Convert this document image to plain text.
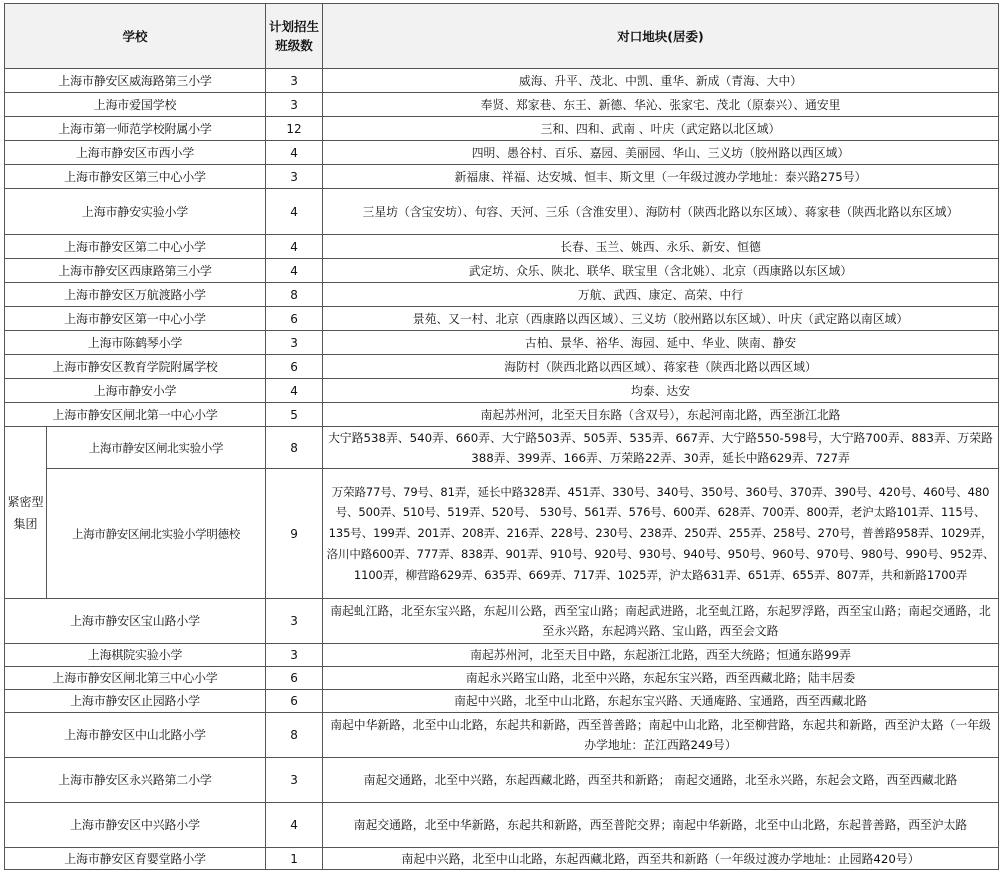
学校		计划招生班级数	对口地块(居委)
上海市静安区威海路第三小学		3	威海、升平、茂北、中凯、重华、新成（青海、大中）
上海市爱国学校		3	奉贤、郑家巷、东王、新德、华沁、张家宅、茂北（原泰兴）、通安里
上海市第一师范学校附属小学		12	三和、四和、武南 、叶庆（武定路以北区域）
上海市静安区市西小学		4	四明、愚谷村、百乐、嘉园、美丽园、华山、三义坊（胶州路以西区域）
上海市静安区第三中心小学		3	新福康、祥福、达安城、恒丰、斯文里（一年级过渡办学地址：泰兴路275号）
上海市静安实验小学		4	三星坊（含宝安坊）、句容、天河、三乐（含淮安里）、海防村（陕西北路以东区域）、蒋家巷（陕西北路以东区域）
上海市静安区第二中心小学		4	长春、玉兰、姚西、永乐、新安、恒德
上海市静安区西康路第三小学		4	武定坊、众乐、陕北、联华、联宝里（含北姚）、北京（西康路以东区域）
上海市静安区万航渡路小学		8	万航、武西、康定、高荣、中行
上海市静安区第一中心小学		6	景苑、又一村、北京（西康路以西区域）、三义坊（胶州路以东区域）、叶庆（武定路以南区域）
上海市陈鹤琴小学		3	古柏、景华、裕华、海园、延中、华业、陕南、静安
上海市静安区教育学院附属学校		6	海防村（陕西北路以西区域）、蒋家巷（陕西北路以西区域）
上海市静安小学		4	均泰、达安
上海市静安区闸北第一中心小学		5	南起苏州河，北至天目东路（含双号），东起河南北路，西至浙江北路
紧密型集团	上海市静安区闸北实验小学	8	大宁路538弄、540弄、660弄、大宁路503弄、505弄、535弄、667弄、大宁路550-598号，大宁路700弄、883弄、万荣路388弄、399弄、166弄、万荣路22弄、30弄，延长中路629弄、727弄
	上海市静安区闸北实验小学明德校	9	万荣路77号、79号、81弄，延长中路328弄、451弄、330号、340号、350号、360号、370弄、390号、420号、460号、480号、500弄、510号、519弄、520号、 530号、561弄、576号、600弄、628弄、700弄、800弄，老沪太路101弄、115号、135号、199弄、201弄、208弄、216弄、228号、230号、238弄、250弄、255弄、258号、270号，普善路958弄、1029弄，洛川中路600弄、777弄、838弄、901弄、910号、920号、930号、940号、950号、960号、970号、980号、990号、952弄、1100弄，柳营路629弄、635弄、669弄、717弄、1025弄，沪太路631弄、651弄、655弄、807弄，共和新路1700弄
上海市静安区宝山路小学		3	南起虬江路，北至东宝兴路，东起川公路，西至宝山路；南起武进路，北至虬江路，东起罗浮路，西至宝山路；南起交通路，北至永兴路，东起鸿兴路、宝山路，西至会文路
上海棋院实验小学		3	南起苏州河，北至天目中路，东起浙江北路，西至大统路；恒通东路99弄
上海市静安区闸北第三中心小学		6	南起永兴路宝山路，北至中兴路，东起东宝兴路，西至西藏北路；陆丰居委
上海市静安区止园路小学		6	南起中兴路，北至中山北路，东起东宝兴路、天通庵路、宝通路，西至西藏北路
上海市静安区中山北路小学		8	南起中华新路，北至中山北路，东起共和新路，西至普善路；南起中山北路，北至柳营路，东起共和新路，西至沪太路（一年级办学地址：芷江西路249号）
上海市静安区永兴路第二小学		3	南起交通路，北至中兴路，东起西藏北路，西至共和新路； 南起交通路，北至永兴路，东起会文路，西至西藏北路
上海市静安区中兴路小学		4	南起交通路，北至中华新路，东起共和新路，西至普陀交界；南起中华新路，北至中山北路，东起普善路，西至沪太路
上海市静安区育婴堂路小学		1	南起中兴路，北至中山北路，东起西藏北路，西至共和新路（一年级过渡办学地址：止园路420号）
